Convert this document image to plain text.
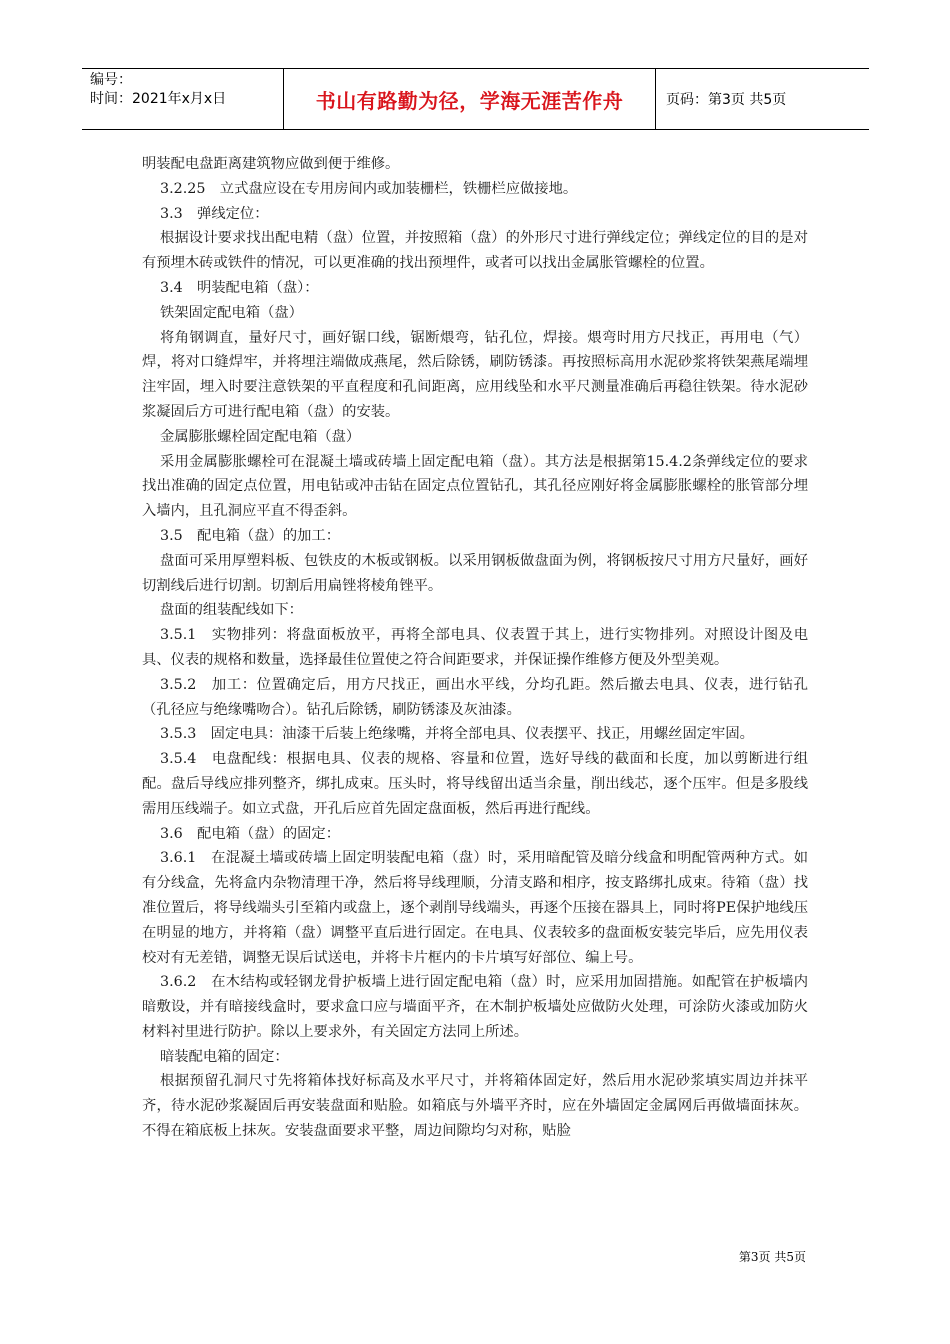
编号：
时间：2021年x月x日	书山有路勤为径，学海无涯苦作舟	页码：第3页 共5页

明装配电盘距离建筑物应做到便于维修。

3.2.25　立式盘应设在专用房间内或加装栅栏，铁栅栏应做接地。

3.3　弹线定位：

根据设计要求找出配电精（盘）位置，并按照箱（盘）的外形尺寸进行弹线定位；弹线定位的目的是对有预埋木砖或铁件的情况，可以更准确的找出预埋件，或者可以找出金属胀管螺栓的位置。

3.4　明装配电箱（盘）：

铁架固定配电箱（盘）

将角钢调直，量好尺寸，画好锯口线，锯断煨弯，钻孔位，焊接。煨弯时用方尺找正，再用电（气）焊，将对口缝焊牢，并将埋注端做成燕尾，然后除锈，刷防锈漆。再按照标高用水泥砂浆将铁架燕尾端埋注牢固，埋入时要注意铁架的平直程度和孔间距离，应用线坠和水平尺测量准确后再稳往铁架。待水泥砂浆凝固后方可进行配电箱（盘）的安装。

金属膨胀螺栓固定配电箱（盘）

采用金属膨胀螺栓可在混凝土墙或砖墙上固定配电箱（盘）。其方法是根据第15.4.2条弹线定位的要求找出准确的固定点位置，用电钻或冲击钻在固定点位置钻孔，其孔径应刚好将金属膨胀螺栓的胀管部分埋入墙内，且孔洞应平直不得歪斜。

3.5　配电箱（盘）的加工：

盘面可采用厚塑料板、包铁皮的木板或钢板。以采用钢板做盘面为例，将钢板按尺寸用方尺量好，画好切割线后进行切割。切割后用扁锉将棱角锉平。

盘面的组装配线如下：

3.5.1　实物排列：将盘面板放平，再将全部电具、仪表置于其上，进行实物排列。对照设计图及电具、仪表的规格和数量，选择最佳位置使之符合间距要求，并保证操作维修方便及外型美观。

3.5.2　加工：位置确定后，用方尺找正，画出水平线，分均孔距。然后撤去电具、仪表，进行钻孔（孔径应与绝缘嘴吻合）。钻孔后除锈，刷防锈漆及灰油漆。

3.5.3　固定电具：油漆干后装上绝缘嘴，并将全部电具、仪表摆平、找正，用螺丝固定牢固。

3.5.4　电盘配线：根据电具、仪表的规格、容量和位置，选好导线的截面和长度，加以剪断进行组配。盘后导线应排列整齐，绑扎成束。压头时，将导线留出适当余量，削出线芯，逐个压牢。但是多股线需用压线端子。如立式盘，开孔后应首先固定盘面板，然后再进行配线。

3.6　配电箱（盘）的固定：

3.6.1　在混凝土墙或砖墙上固定明装配电箱（盘）时，采用暗配管及暗分线盒和明配管两种方式。如有分线盒，先将盒内杂物清理干净，然后将导线理顺，分清支路和相序，按支路绑扎成束。待箱（盘）找准位置后，将导线端头引至箱内或盘上，逐个剥削导线端头，再逐个压接在器具上，同时将PE保护地线压在明显的地方，并将箱（盘）调整平直后进行固定。在电具、仪表较多的盘面板安装完毕后，应先用仪表校对有无差错，调整无误后试送电，并将卡片框内的卡片填写好部位、编上号。

3.6.2　在木结构或轻钢龙骨护板墙上进行固定配电箱（盘）时，应采用加固措施。如配管在护板墙内暗敷设，并有暗接线盒时，要求盒口应与墙面平齐，在木制护板墙处应做防火处理，可涂防火漆或加防火材料衬里进行防护。除以上要求外，有关固定方法同上所述。

暗装配电箱的固定：

根据预留孔洞尺寸先将箱体找好标高及水平尺寸，并将箱体固定好，然后用水泥砂浆填实周边并抹平齐，待水泥砂浆凝固后再安装盘面和贴脸。如箱底与外墙平齐时，应在外墙固定金属网后再做墙面抹灰。不得在箱底板上抹灰。安装盘面要求平整，周边间隙均匀对称，贴脸

第3页 共5页
